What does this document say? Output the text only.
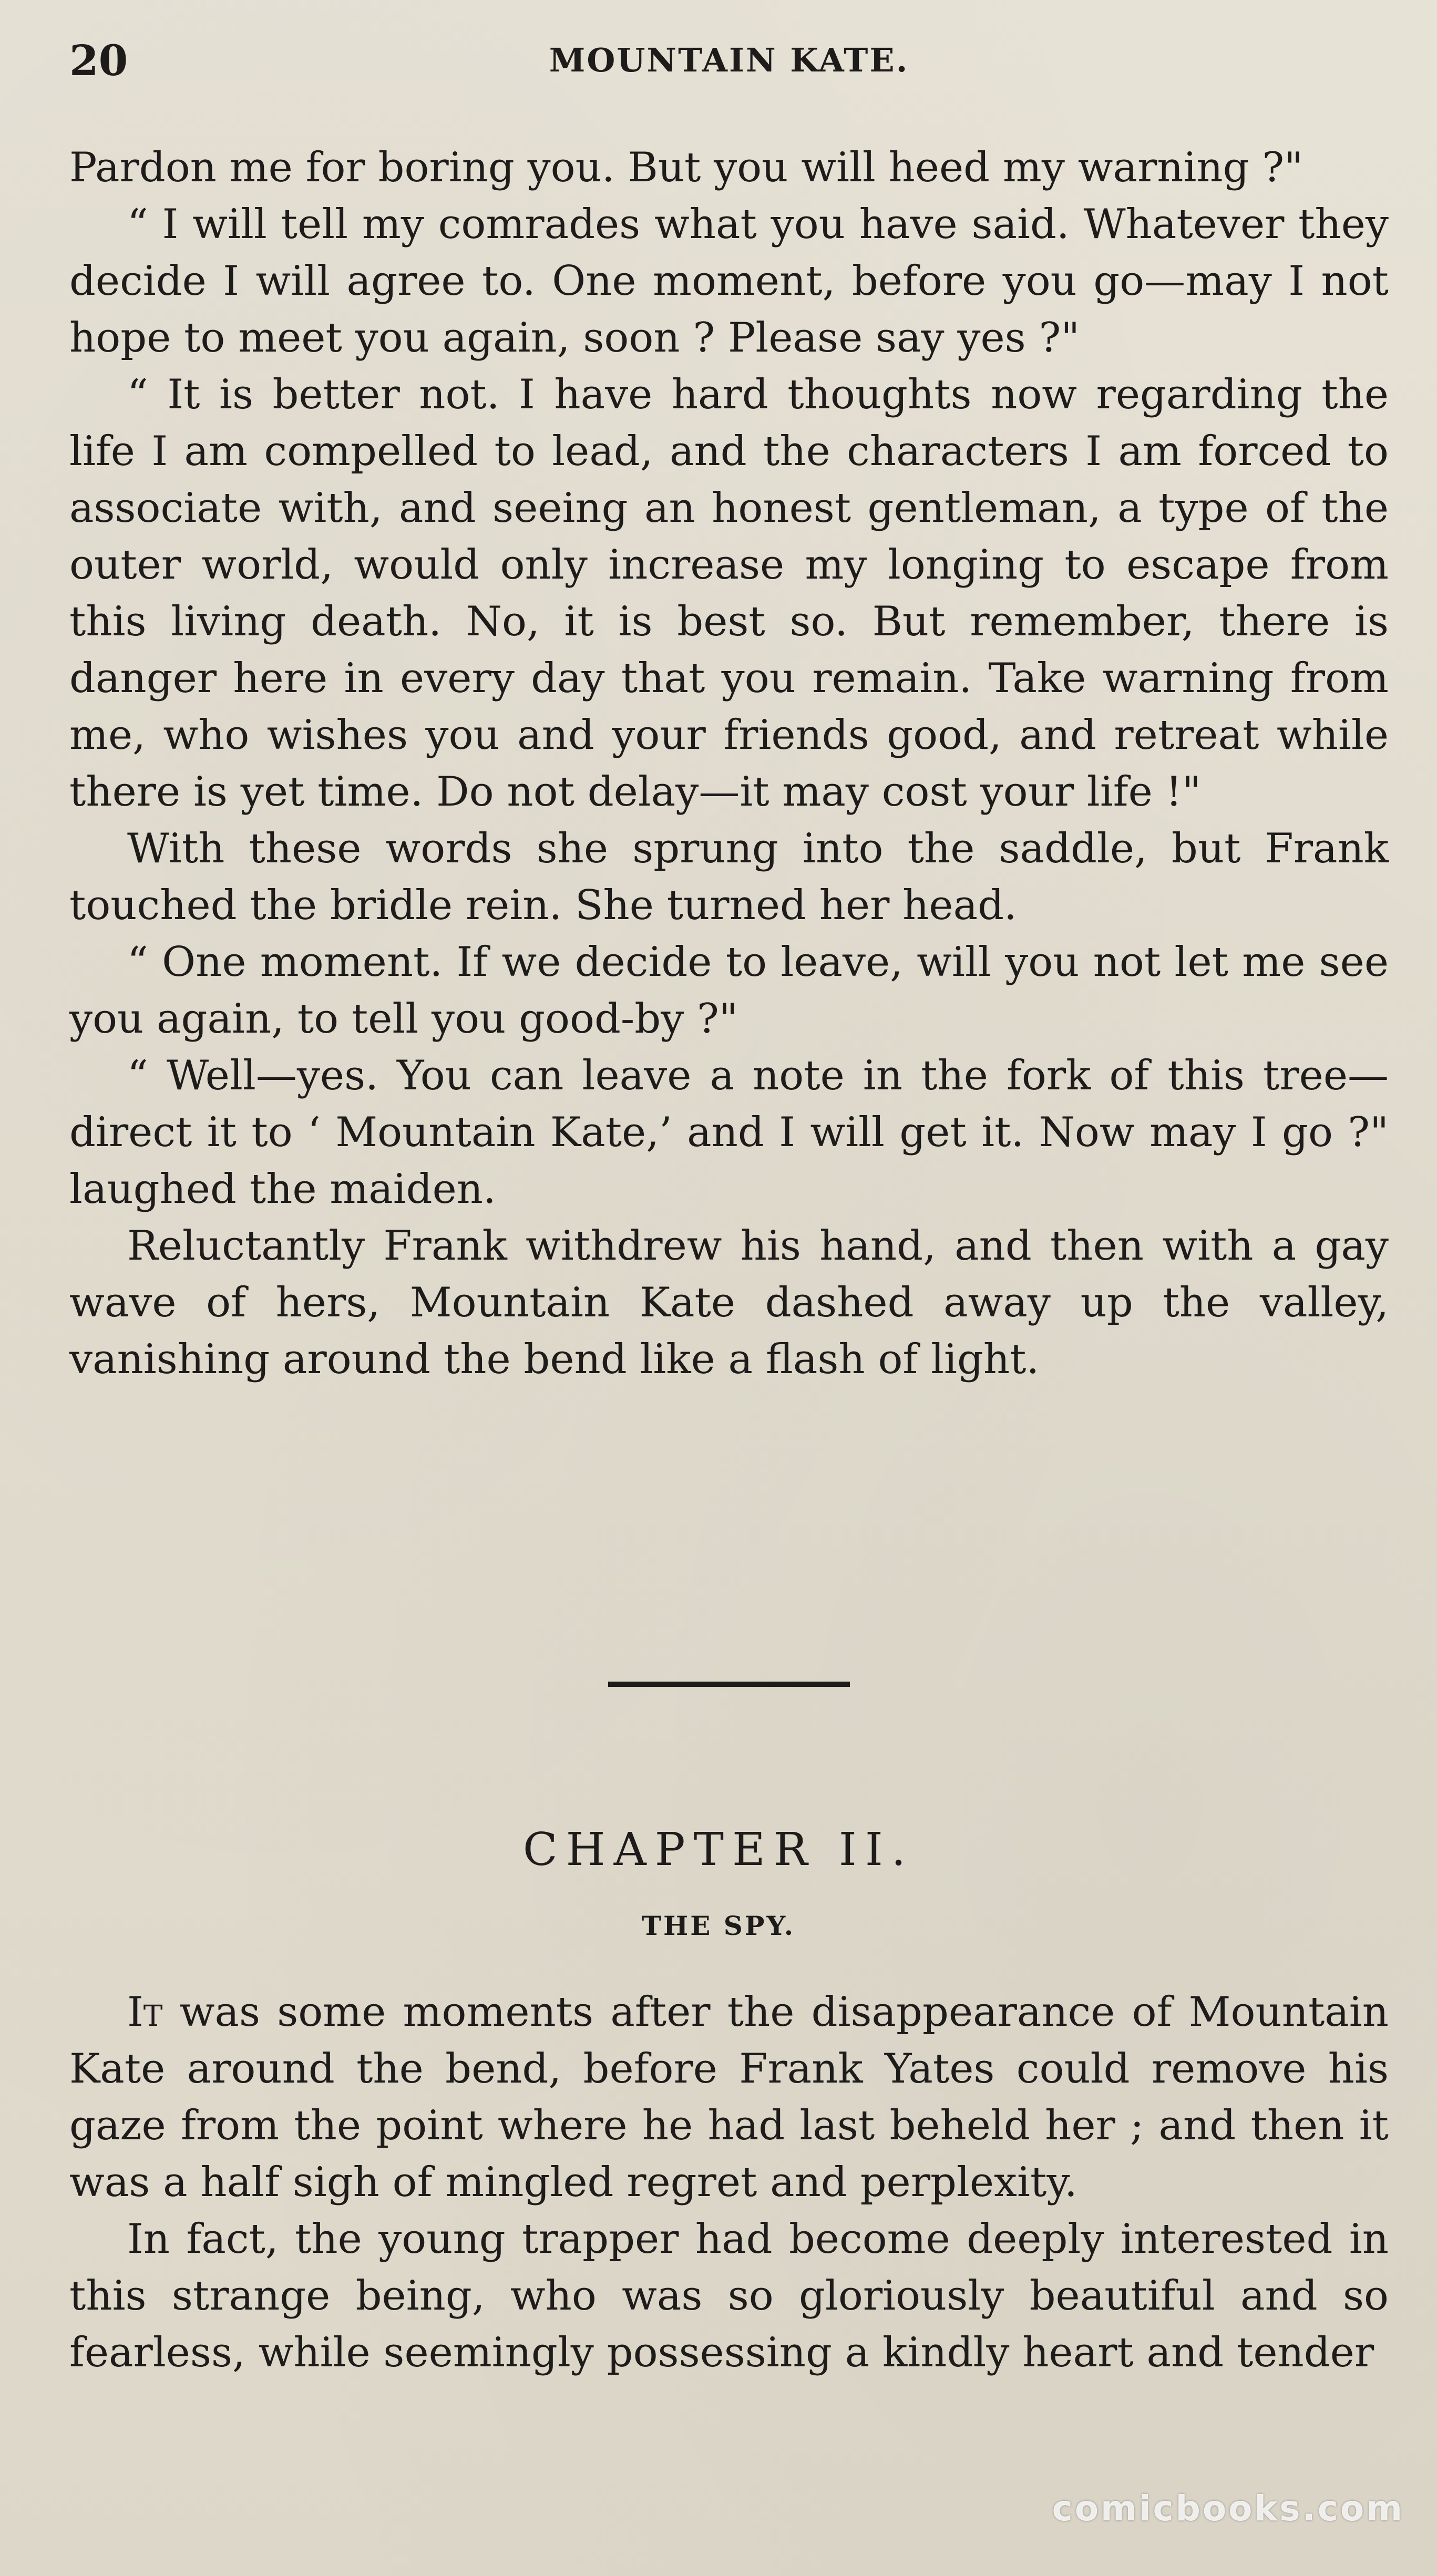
20	MOUNTAIN KATE.

Pardon me for boring you. But you will heed my warning ?"

“ I will tell my comrades what you have said. Whatever they decide I will agree to. One moment, before you go—may I not hope to meet you again, soon ? Please say yes ?"

“ It is better not. I have hard thoughts now regarding the life I am compelled to lead, and the characters I am forced to associate with, and seeing an honest gentleman, a type of the outer world, would only increase my longing to escape from this living death. No, it is best so. But remember, there is danger here in every day that you remain. Take warning from me, who wishes you and your friends good, and retreat while there is yet time. Do not delay—it may cost your life !"

With these words she sprung into the saddle, but Frank touched the bridle rein. She turned her head.

“ One moment. If we decide to leave, will you not let me see you again, to tell you good-by ?"

“ Well—yes. You can leave a note in the fork of this tree—direct it to ‘ Mountain Kate,’ and I will get it. Now may I go ?" laughed the maiden.

Reluctantly Frank withdrew his hand, and then with a gay wave of hers, Mountain Kate dashed away up the valley, vanishing around the bend like a flash of light.

CHAPTER II.
THE SPY.

It was some moments after the disappearance of Mountain Kate around the bend, before Frank Yates could remove his gaze from the point where he had last beheld her ; and then it was a half sigh of mingled regret and perplexity.

In fact, the young trapper had become deeply interested in this strange being, who was so gloriously beautiful and so fearless, while seemingly possessing a kindly heart and tender

comicbooks.com
